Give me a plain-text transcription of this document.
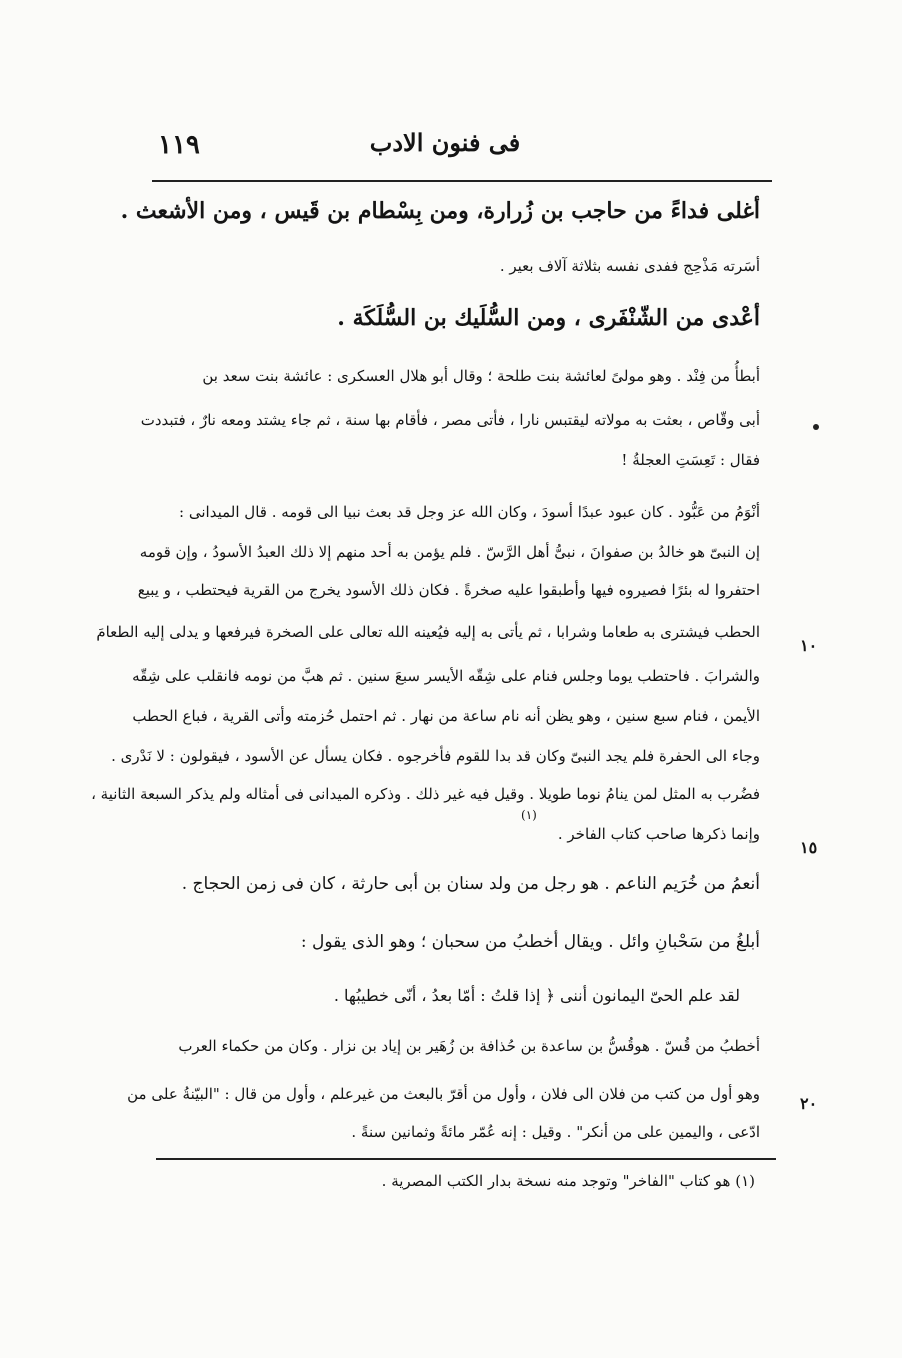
١١٩	فى فنون الادب
أغلى فداءً من حاجب بن زُرارة، ومن بِسْطام بن قَيس ، ومن الأشعث .
أسَرته مَذْحِج ففدى نفسه بثلاثة آلاف بعير .
أعْدى من الشّنْفَرى ، ومن السُّلَيك بن السُّلَكَة .
أبطأُ من فِنْد . وهو مولىً لعائشة بنت طلحة ؛ وقال أبو هلال العسكرى : عائشة بنت سعد بن
أبى وقّاص ، بعثت به مولاته ليقتبس نارا ، فأتى مصر ، فأقام بها سنة ، ثم جاء يشتد ومعه نارٌ ، فتبددت
فقال : تَعِسَتِ العجلةُ !
أنْوَمُ من عَبُّود . كان عبود عبدًا أسودَ ، وكان الله عز وجل قد بعث نبيا الى قومه . قال الميدانى :
إن النبىّ هو خالدُ بن صفوانَ ، نبىُّ أهل الرَّسّ . فلم يؤمن به أحد منهم إلا ذلك العبدُ الأسودُ ، وإن قومه
احتفروا له بئرًا فصيروه فيها وأطبقوا عليه صخرةً . فكان ذلك الأسود يخرج من القرية فيحتطب ، و يبيع
الحطب فيشترى به طعاما وشرابا ، ثم يأتى به إليه فيُعينه الله تعالى على الصخرة فيرفعها و يدلى إليه الطعامَ
والشرابَ . فاحتطب يوما وجلس فنام على شِقّه الأيسر سبعَ سنين . ثم هبَّ من نومه فانقلب على شِقّه
الأيمن ، فنام سبع سنين ، وهو يظن أنه نام ساعة من نهار . ثم احتمل حُزمته وأتى القرية ، فباع الحطب
وجاء الى الحفرة فلم يجد النبىّ وكان قد بدا للقوم فأخرجوه . فكان يسأل عن الأسود ، فيقولون : لا نَدْرى .
فضُرب به المثل لمن ينامُ نوما طويلا . وقيل فيه غير ذلك . وذكره الميدانى فى أمثاله ولم يذكر السبعة الثانية ،
(١)
وإنما ذكرها صاحب كتاب الفاخر .
أنعمُ من خُرَيم الناعم . هو رجل من ولد سنان بن أبى حارثة ، كان فى زمن الحجاج .
أبلغُ من سَحْبانِ وائل . ويقال أخطبُ من سحبان ؛ وهو الذى يقول :
لقد علم الحىّ اليمانون أننى ﴿ إذا قلتُ : أمّا بعدُ ، أنّى خطيبُها .
أخطبُ من قُسّ . هوقُسُّ بن ساعدة بن حُذافة بن زُهَير بن إياد بن نزار . وكان من حكماء العرب
وهو أول من كتب من فلان الى فلان ، وأول من أقرّ بالبعث من غيرعلم ، وأول من قال : "البيّنةُ على من
ادّعى ، واليمين على من أنكر" . وقيل : إنه عُمّر مائةً وثمانين سنةً .
١٠
١٥
٢٠
(١) هو كتاب "الفاخر" وتوجد منه نسخة بدار الكتب المصرية .
